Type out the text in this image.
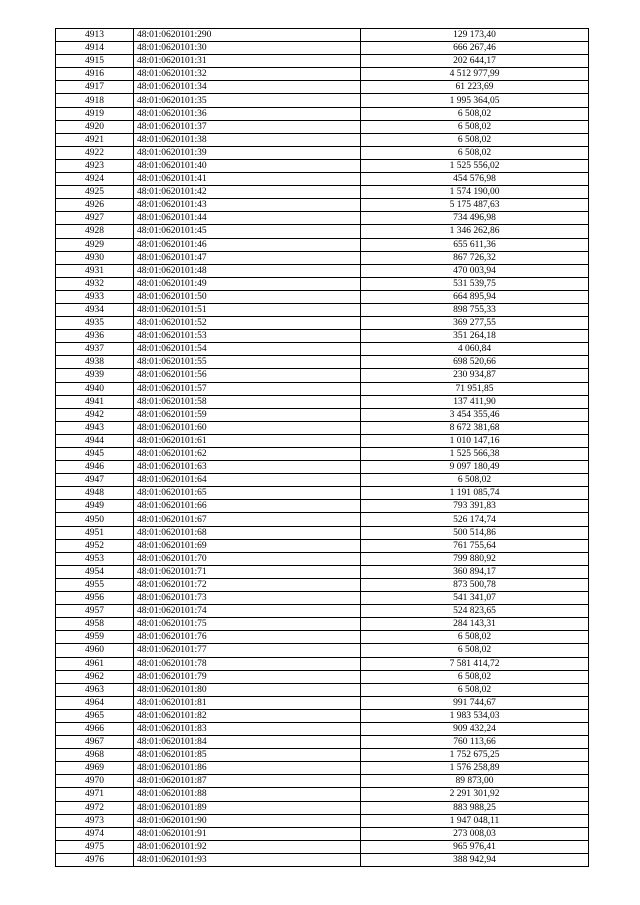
4913	48:01:0620101:290	129 173,40
4914	48:01:0620101:30	666 267,46
4915	48:01:0620101:31	202 644,17
4916	48:01:0620101:32	4 512 977,99
4917	48:01:0620101:34	61 223,69
4918	48:01:0620101:35	1 995 364,05
4919	48:01:0620101:36	6 508,02
4920	48:01:0620101:37	6 508,02
4921	48:01:0620101:38	6 508,02
4922	48:01:0620101:39	6 508,02
4923	48:01:0620101:40	1 525 556,02
4924	48:01:0620101:41	454 576,98
4925	48:01:0620101:42	1 574 190,00
4926	48:01:0620101:43	5 175 487,63
4927	48:01:0620101:44	734 496,98
4928	48:01:0620101:45	1 346 262,86
4929	48:01:0620101:46	655 611,36
4930	48:01:0620101:47	867 726,32
4931	48:01:0620101:48	470 003,94
4932	48:01:0620101:49	531 539,75
4933	48:01:0620101:50	664 895,94
4934	48:01:0620101:51	898 755,33
4935	48:01:0620101:52	369 277,55
4936	48:01:0620101:53	351 264,18
4937	48:01:0620101:54	4 060,84
4938	48:01:0620101:55	698 520,66
4939	48:01:0620101:56	230 934,87
4940	48:01:0620101:57	71 951,85
4941	48:01:0620101:58	137 411,90
4942	48:01:0620101:59	3 454 355,46
4943	48:01:0620101:60	8 672 381,68
4944	48:01:0620101:61	1 010 147,16
4945	48:01:0620101:62	1 525 566,38
4946	48:01:0620101:63	9 097 180,49
4947	48:01:0620101:64	6 508,02
4948	48:01:0620101:65	1 191 085,74
4949	48:01:0620101:66	793 391,83
4950	48:01:0620101:67	526 174,74
4951	48:01:0620101:68	500 514,86
4952	48:01:0620101:69	761 755,64
4953	48:01:0620101:70	799 880,92
4954	48:01:0620101:71	360 894,17
4955	48:01:0620101:72	873 500,78
4956	48:01:0620101:73	541 341,07
4957	48:01:0620101:74	524 823,65
4958	48:01:0620101:75	284 143,31
4959	48:01:0620101:76	6 508,02
4960	48:01:0620101:77	6 508,02
4961	48:01:0620101:78	7 581 414,72
4962	48:01:0620101:79	6 508,02
4963	48:01:0620101:80	6 508,02
4964	48:01:0620101:81	991 744,67
4965	48:01:0620101:82	1 983 534,03
4966	48:01:0620101:83	909 432,24
4967	48:01:0620101:84	760 113,66
4968	48:01:0620101:85	1 752 675,25
4969	48:01:0620101:86	1 576 258,89
4970	48:01:0620101:87	89 873,00
4971	48:01:0620101:88	2 291 301,92
4972	48:01:0620101:89	883 988,25
4973	48:01:0620101:90	1 947 048,11
4974	48:01:0620101:91	273 008,03
4975	48:01:0620101:92	965 976,41
4976	48:01:0620101:93	388 942,94
